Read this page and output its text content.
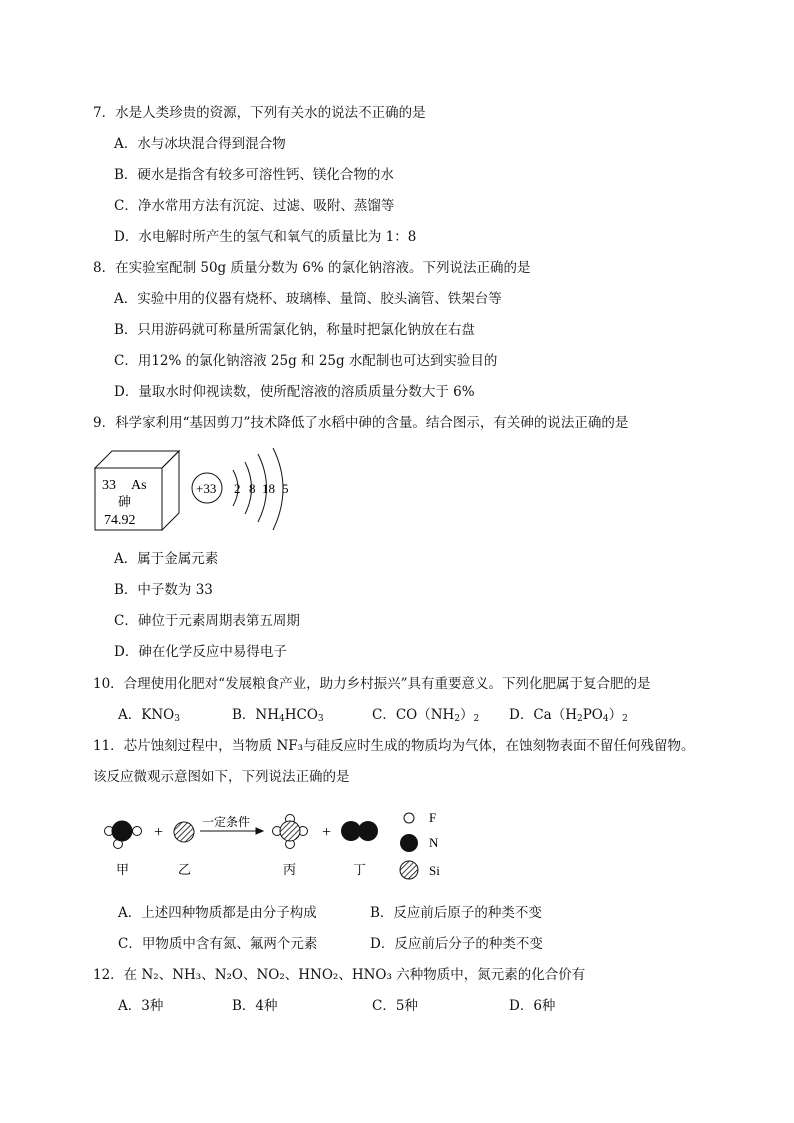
7．水是人类珍贵的资源，下列有关水的说法不正确的是
A．水与冰块混合得到混合物
B．硬水是指含有较多可溶性钙、镁化合物的水
C．净水常用方法有沉淀、过滤、吸附、蒸馏等
D．水电解时所产生的氢气和氧气的质量比为 1：8
8．在实验室配制 50g 质量分数为 6% 的氯化钠溶液。下列说法正确的是
A．实验中用的仪器有烧杯、玻璃棒、量筒、胶头滴管、铁架台等
B．只用游码就可称量所需氯化钠，称量时把氯化钠放在右盘
C．用12% 的氯化钠溶液 25g 和 25g 水配制也可达到实验目的
D．量取水时仰视读数，使所配溶液的溶质质量分数大于 6%
9．科学家利用“基因剪刀”技术降低了水稻中砷的含量。结合图示，有关砷的说法正确的是
33 As
砷
74.92
+33 2 8 18 5
A．属于金属元素
B．中子数为 33
C．砷位于元素周期表第五周期
D．砷在化学反应中易得电子
10．合理使用化肥对“发展粮食产业，助力乡村振兴”具有重要意义。下列化肥属于复合肥的是
A．$KNO_3$	B．$NH_4HCO_3$	C．$CO(NH_2)_2$ D．$Ca(H_2PO_4)_2$
11．芯片蚀刻过程中，当物质 NF₃与硅反应时生成的物质均为气体，在蚀刻物表面不留任何残留物。
该反应微观示意图如下，下列说法正确的是
+
一定条件
+
甲	乙	丙	丁
F
N
Si
A．上述四种物质都是由分子构成	B．反应前后原子的种类不变
C．甲物质中含有氮、氟两个元素	D．反应前后分子的种类不变
12．在 N₂、NH₃、N₂O、NO₂、HNO₂、HNO₃ 六种物质中，氮元素的化合价有
A．3种	B．4种	C．5种	D．6种
